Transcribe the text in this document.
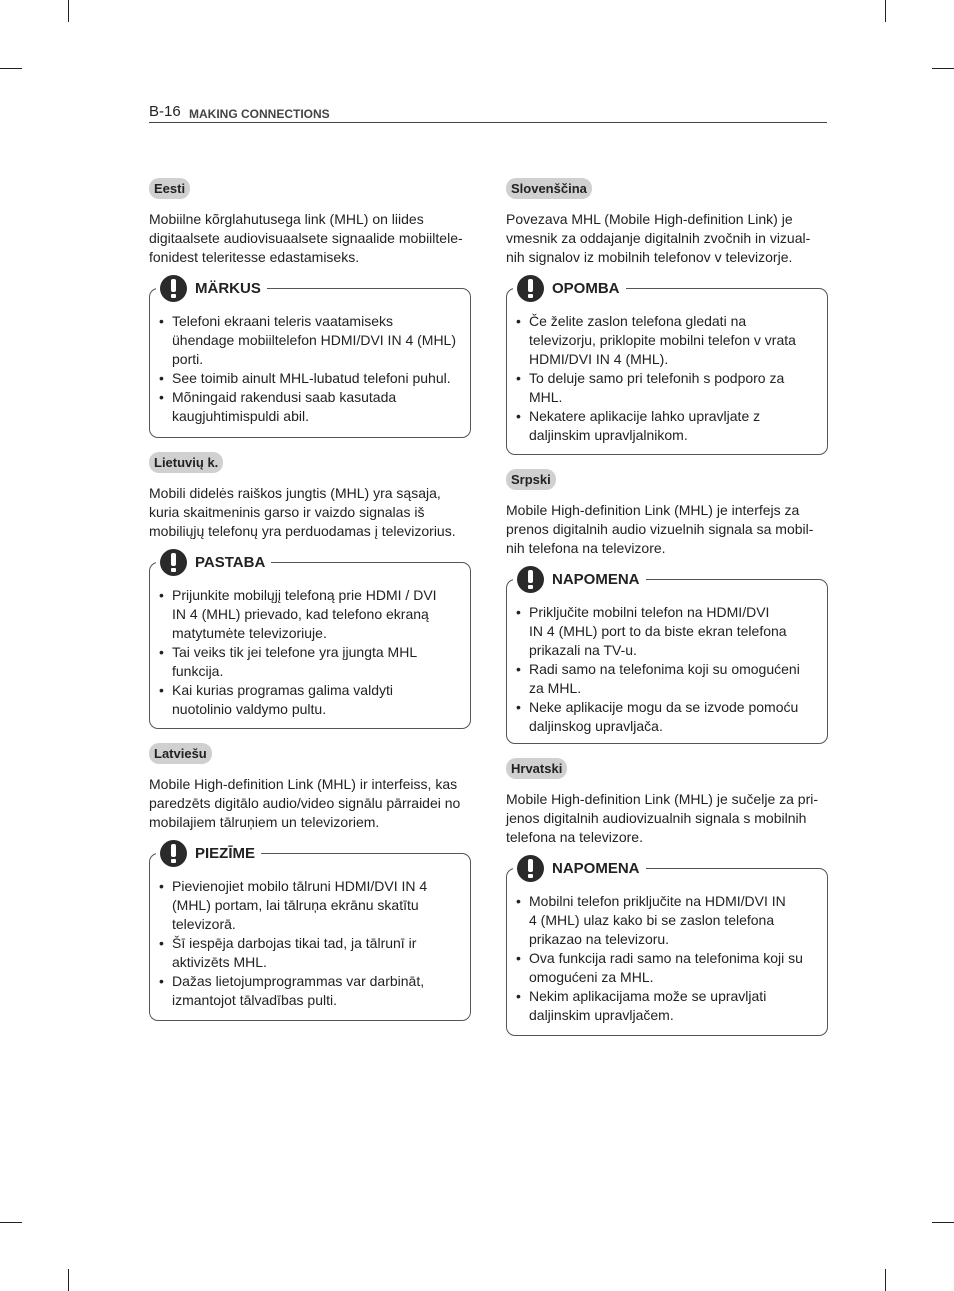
B-16 MAKING CONNECTIONS
Eesti

Mobiilne kõrglahutusega link (MHL) on liides
digitaalsete audiovisuaalsete signaalide mobiiltele-
fonidest teleritesse edastamiseks.

MÄRKUS
• Telefoni ekraani teleris vaatamiseks
ühendage mobiiltelefon HDMI/DVI IN 4 (MHL)
porti.
• See toimib ainult MHL-lubatud telefoni puhul.
• Mõningaid rakendusi saab kasutada
kaugjuhtimispuldi abil.
Lietuvių k.

Mobili didelės raiškos jungtis (MHL) yra sąsaja,
kuria skaitmeninis garso ir vaizdo signalas iš
mobiliųjų telefonų yra perduodamas į televizorius.

PASTABA
• Prijunkite mobilųjį telefoną prie HDMI / DVI
IN 4 (MHL) prievado, kad telefono ekraną
matytumėte televizoriuje.
• Tai veiks tik jei telefone yra įjungta MHL
funkcija.
• Kai kurias programas galima valdyti
nuotolinio valdymo pultu.
Latviešu

Mobile High-definition Link (MHL) ir interfeiss, kas
paredzēts digitālo audio/video signālu pārraidei no
mobilajiem tālruņiem un televizoriem.

PIEZĪME
• Pievienojiet mobilo tālruni HDMI/DVI IN 4
(MHL) portam, lai tālruņa ekrānu skatītu
televizorā.
• Šī iespēja darbojas tikai tad, ja tālrunī ir
aktivizēts MHL.
• Dažas lietojumprogrammas var darbināt,
izmantojot tālvadības pulti.
Slovenščina

Povezava MHL (Mobile High-definition Link) je
vmesnik za oddajanje digitalnih zvočnih in vizual-
nih signalov iz mobilnih telefonov v televizorje.

OPOMBA
• Če želite zaslon telefona gledati na
televizorju, priklopite mobilni telefon v vrata
HDMI/DVI IN 4 (MHL).
• To deluje samo pri telefonih s podporo za
MHL.
• Nekatere aplikacije lahko upravljate z
daljinskim upravljalnikom.
Srpski

Mobile High-definition Link (MHL) je interfejs za
prenos digitalnih audio vizuelnih signala sa mobil-
nih telefona na televizore.

NAPOMENA
• Priključite mobilni telefon na HDMI/DVI
IN 4 (MHL) port to da biste ekran telefona
prikazali na TV-u.
• Radi samo na telefonima koji su omogućeni
za MHL.
• Neke aplikacije mogu da se izvode pomoću
daljinskog upravljača.
Hrvatski

Mobile High-definition Link (MHL) je sučelje za pri-
jenos digitalnih audiovizualnih signala s mobilnih
telefona na televizore.

NAPOMENA
• Mobilni telefon priključite na HDMI/DVI IN
4 (MHL) ulaz kako bi se zaslon telefona
prikazao na televizoru.
• Ova funkcija radi samo na telefonima koji su
omogućeni za MHL.
• Nekim aplikacijama može se upravljati
daljinskim upravljačem.
